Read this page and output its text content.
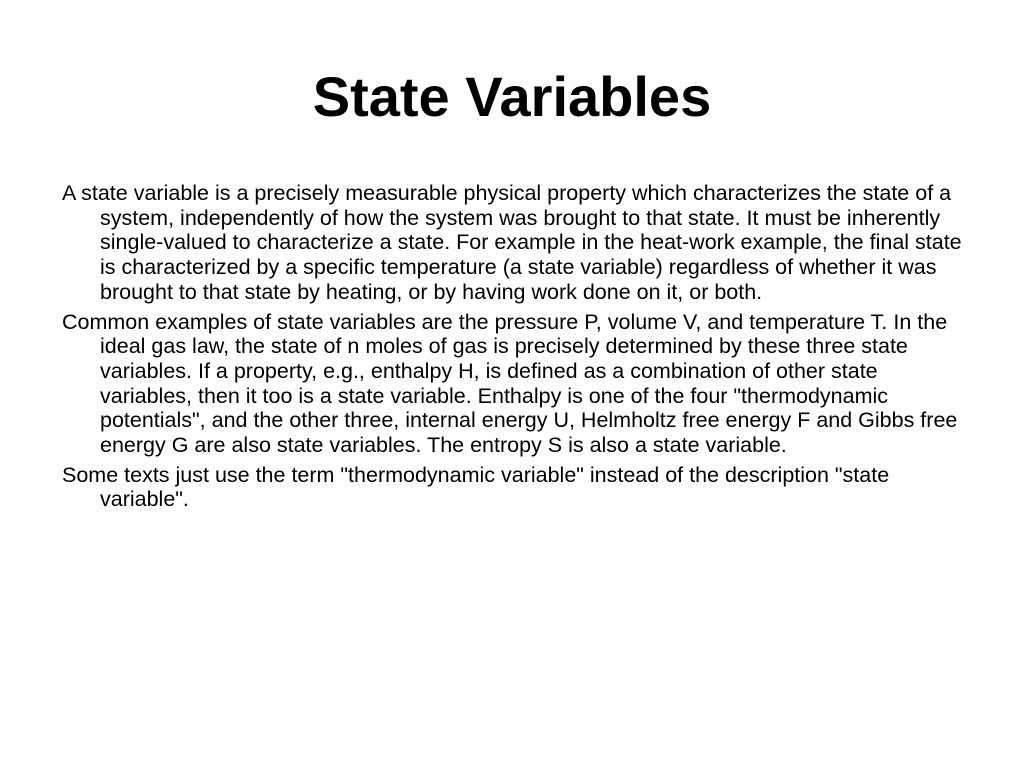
State Variables
A state variable is a precisely measurable physical property which characterizes the state of a system, independently of how the system was brought to that state. It must be inherently single-valued to characterize a state. For example in the heat-work example, the final state is characterized by a specific temperature (a state variable) regardless of whether it was brought to that state by heating, or by having work done on it, or both.
Common examples of state variables are the pressure P, volume V, and temperature T. In the ideal gas law, the state of n moles of gas is precisely determined by these three state variables. If a property, e.g., enthalpy H, is defined as a combination of other state variables, then it too is a state variable. Enthalpy is one of the four "thermodynamic potentials", and the other three, internal energy U, Helmholtz free energy F and Gibbs free energy G are also state variables. The entropy S is also a state variable.
Some texts just use the term "thermodynamic variable" instead of the description "state variable".
